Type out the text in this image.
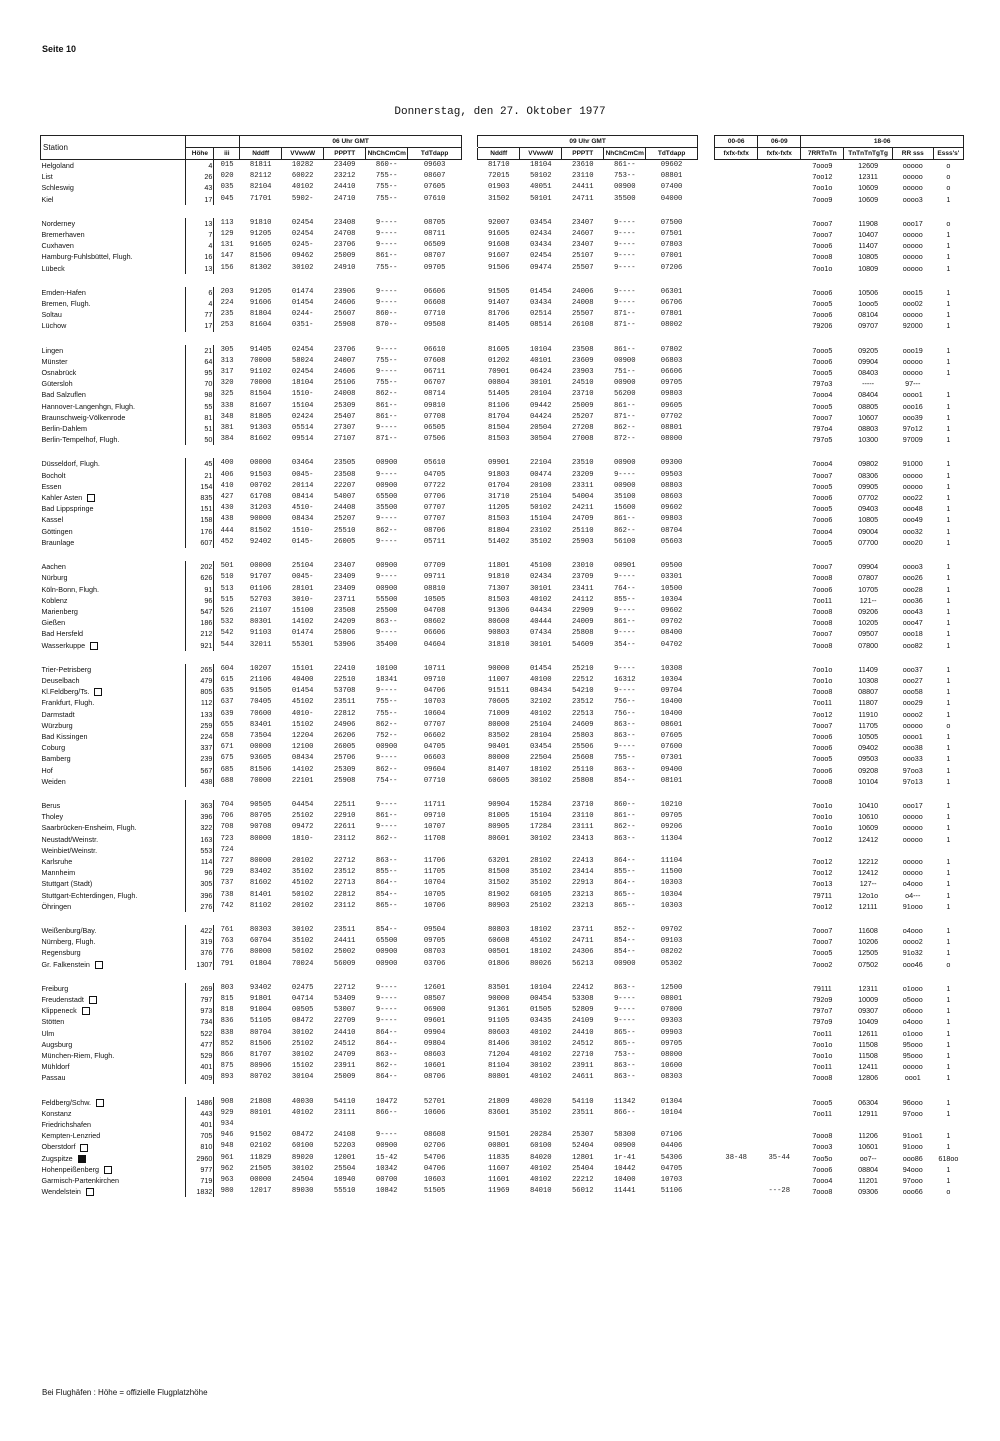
Seite 10
Donnerstag, den 27. Oktober 1977
Station			06 Uhr GMT						09 Uhr GMT						00-06	06-09	18-06			
	Höhe	iii	Nddff	VVwwW	PPPTT	NhChCmCm	TdTdapp		Nddff	VVwwW	PPPTT	NhChCmCm	TdTdapp		fxfx-fxfx	fxfx-fxfx	7RRTnTn	TnTnTnTgTg	RR sss	Esss's'
Helgoland	4	015	81811	10282	23409	860--	09603		81710	18104	23610	861--	09602				7ooo9	12609	ooooo	o
List	26	020	82112	60022	23212	755--	08607		72015	50102	23110	753--	08801				7oo12	12311	ooooo	o
Schleswig	43	035	82104	40102	24410	755--	07605		01903	40051	24411	00900	07400				7oo1o	10609	ooooo	o
Kiel	17	045	71701	5902-	24710	755--	07610		31502	50101	24711	35500	04000				7ooo9	10609	oooo3	1

Norderney	13	113	91810	02454	23408	9----	08705		92007	03454	23407	9----	07500				7ooo7	11908	ooo17	o
Bremerhaven	7	129	91205	02454	24708	9----	08711		91605	02434	24607	9----	07501				7ooo7	10407	ooooo	1
Cuxhaven	4	131	91605	0245-	23706	9----	06509		91608	03434	23407	9----	07803				7ooo6	11407	ooooo	1
Hamburg-Fuhlsbüttel, Flugh.	16	147	81506	09462	25009	861--	08707		91607	02454	25107	9----	07001				7ooo8	10805	ooooo	1
Lübeck	13	156	81302	30102	24910	755--	09705		91506	09474	25507	9----	07206				7oo1o	10809	ooooo	1

Emden-Hafen	6	203	91205	01474	23906	9----	06606		91505	01454	24006	9----	06301				7ooo6	10506	ooo15	1
Bremen, Flugh.	4	224	91606	01454	24606	9----	06608		91407	03434	24008	9----	06706				7ooo5	1ooo5	ooo02	1
Soltau	77	235	81804	0244-	25607	860--	07710		81706	02514	25507	871--	07801				7ooo6	08104	ooooo	1
Lüchow	17	253	81604	0351-	25908	870--	09508		81405	08514	26108	871--	08002				79206	09707	92000	1

Lingen	21	305	91405	02454	23706	9----	06610		81605	10104	23508	861--	07802				7ooo5	09205	ooo19	1
Münster	64	313	70000	58024	24007	755--	07608		01202	40101	23609	00900	06803				7ooo6	09904	ooooo	1
Osnabrück	95	317	91102	02454	24606	9----	06711		70901	06424	23903	751--	06606				7ooo5	08403	ooooo	1
Gütersloh	70	320	70000	18104	25106	755--	06707		00804	30101	24510	00900	09705				797o3	-----	97---	
Bad Salzuflen	98	325	81504	1510-	24008	862--	08714		51405	20104	23710	56200	09803				7ooo4	08404	oooo1	1
Hannover-Langenhgn, Flugh.	55	338	81607	15104	25309	861--	09810		81106	09442	25009	861--	09605				7ooo5	08805	ooo16	1
Braunschweig-Völkenrode	81	348	81805	02424	25407	861--	07708		81704	04424	25207	871--	07702				7ooo7	10607	ooo39	1
Berlin-Dahlem	51	381	91303	05514	27307	9----	06505		81504	20504	27208	862--	08801				797o4	08803	97o12	1
Berlin-Tempelhof, Flugh.	50	384	81602	09514	27107	871--	07506		81503	30504	27008	872--	08000				797o5	10300	97009	1

Düsseldorf, Flugh.	45	400	00000	03464	23505	00900	05610		09901	22104	23510	00900	09300				7ooo4	09802	91000	1
Bocholt	21	406	91503	0045-	23508	9----	04705		91803	00474	23209	9----	09503				7ooo7	08306	ooooo	1
Essen	154	410	00702	20114	22207	00900	07722		01704	20100	23311	00900	08803				7ooo5	09905	ooooo	1
Kahler Asten	835	427	61708	08414	54007	65500	07706		31710	25104	54004	35100	08603				7ooo6	07702	ooo22	1
Bad Lippspringe	151	430	31203	4510-	24408	35500	07707		11205	50102	24211	15600	09602				7ooo5	09403	ooo48	1
Kassel	158	438	90000	08434	25207	9----	07707		81503	15104	24709	861--	09803				7ooo6	10805	ooo49	1
Göttingen	176	444	81502	1510-	25510	862--	08706		81804	23102	25110	862--	08704				7ooo4	09004	ooo32	1
Braunlage	607	452	92402	0145-	26005	9----	05711		51402	35102	25903	56100	05603				7ooo5	07700	ooo20	1

Aachen	202	501	00000	25104	23407	00900	07709		11801	45100	23010	00901	09500				7ooo7	09904	oooo3	1
Nürburg	626	510	91707	0045-	23409	9----	09711		91810	02434	23709	9----	03301				7ooo8	07807	ooo26	1
Köln-Bonn, Flugh.	91	513	01106	28101	23409	00900	08810		71307	30101	23411	764--	10500				7ooo6	10705	ooo28	1
Koblenz	96	515	52703	3010-	23711	55500	10505		81503	40102	24112	855--	10304				7oo11	121--	ooo36	1
Marienberg	547	526	21107	15100	23508	25500	04708		91306	04434	22909	9----	09602				7ooo8	09206	ooo43	1
Gießen	186	532	80301	14102	24209	863--	08602		80600	40444	24009	861--	09702				7ooo8	10205	ooo47	1
Bad Hersfeld	212	542	91103	01474	25806	9----	06606		90803	07434	25808	9----	08400				7ooo7	09507	ooo18	1
Wasserkuppe	921	544	32011	55301	53906	35400	04604		31810	30101	54609	354--	04702				7ooo8	07800	ooo82	1

Trier-Petrisberg	265	604	10207	15101	22410	10100	10711		90000	01454	25210	9----	10308				7oo1o	11409	ooo37	1
Deuselbach	479	615	21106	40400	22510	18341	09710		11007	40100	22512	16312	10304				7oo1o	10308	ooo27	1
Kl.Feldberg/Ts.	805	635	91505	01454	53708	9----	04706		91511	08434	54210	9----	09704				7ooo8	08807	ooo58	1
Frankfurt, Flugh.	112	637	70405	45102	23511	755--	10703		70605	32102	23512	756--	10400				7oo11	11807	ooo29	1
Darmstadt	133	639	70600	4010-	22812	755--	10604		71009	40102	22513	756--	10400				7oo12	11910	oooo2	1
Würzburg	259	655	83401	15102	24906	862--	07707		80000	25104	24609	863--	08601				7ooo7	11705	ooooo	o
Bad Kissingen	224	658	73504	12204	26206	752--	06602		83502	28104	25803	863--	07605				7ooo6	10505	oooo1	1
Coburg	337	671	00000	12100	26005	00900	04705		90401	03454	25506	9----	07600				7ooo6	09402	ooo38	1
Bamberg	239	675	93605	08434	25706	9----	06603		80000	22504	25608	755--	07301				7ooo5	09503	ooo33	1
Hof	567	685	81506	14102	25309	862--	09604		81407	18102	25110	863--	09400				7ooo6	09208	97oo3	1
Weiden	438	688	70000	22101	25908	754--	07710		60605	30102	25808	854--	08101				7ooo8	10104	97o13	1

Berus	363	704	90505	04454	22511	9----	11711		90904	15284	23710	860--	10210				7oo1o	10410	ooo17	1
Tholey	396	706	80705	25102	22910	861--	09710		81005	15104	23110	861--	09705				7oo1o	10610	ooooo	1
Saarbrücken-Ensheim, Flugh.	322	708	90708	09472	22611	9----	10707		80905	17284	23111	862--	09206				7oo1o	10609	ooooo	1
Neustadt/Weinstr.	163	723	80000	1810-	23112	862--	11708		80601	30102	23413	863--	11304				7oo12	12412	ooooo	1
Weinbiet/Weinstr.	553	724																		
Karlsruhe	114	727	80000	20102	22712	863--	11706		63201	28102	22413	864--	11104				7oo12	12212	ooooo	1
Mannheim	96	729	83402	35102	23512	855--	11705		81500	35102	23414	855--	11500				7oo12	12412	ooooo	1
Stuttgart (Stadt)	305	737	81602	45102	22713	864--	10704		31502	35102	22913	864--	10303				7oo13	127--	o4ooo	1
Stuttgart-Echterdingen, Flugh.	396	738	81401	50102	22812	854--	10705		81902	60105	23213	865--	10304				79711	12o1o	o4---	1
Öhringen	276	742	81102	20102	23112	865--	10706		80903	25102	23213	865--	10303				7oo12	12111	91ooo	1

Weißenburg/Bay.	422	761	80303	30102	23511	854--	09504		80803	18102	23711	852--	09702				7ooo7	11608	o4ooo	1
Nürnberg, Flugh.	319	763	60704	35102	24411	65500	09705		60608	45102	24711	854--	09103				7ooo7	10206	oooo2	1
Regensburg	376	776	80000	50102	25002	00900	08703		00501	18102	24306	854--	08202				7ooo5	12505	91o32	1
Gr. Falkenstein	1307	791	01804	70024	56009	00900	03706		01806	80026	56213	00900	05302				7ooo2	07502	ooo46	o

Freiburg	269	803	93402	02475	22712	9----	12601		83501	10104	22412	863--	12500				79111	12311	o1ooo	1
Freudenstadt	797	815	91801	04714	53409	9----	08507		90000	00454	53308	9----	08001				792o9	10009	o5ooo	1
Klippeneck	973	818	91004	00505	53007	9----	06900		91361	01505	52809	9----	07000				797o7	09307	o6ooo	1
Stötten	734	836	51105	08472	22709	9----	09601		91105	03435	24109	9----	09303				797o9	10409	o4ooo	1
Ulm	522	838	80704	30102	24410	864--	09904		80603	40102	24410	865--	09903				7oo11	12611	o1ooo	1
Augsburg	477	852	81506	25102	24512	864--	09804		81406	30102	24512	865--	09705				7oo1o	11508	95ooo	1
München-Riem, Flugh.	529	866	81707	30102	24709	863--	08603		71204	40102	22710	753--	08000				7oo1o	11508	95ooo	1
Mühldorf	401	875	80906	15102	23911	862--	10601		81104	30102	23911	863--	10600				7oo11	12411	ooooo	1
Passau	409	893	80702	30104	25009	864--	08706		80801	40102	24611	863--	08303				7ooo8	12806	ooo1	1

Feldberg/Schw.	1486	908	21808	40030	54110	10472	52701		21809	40020	54110	11342	01304				7ooo5	06304	96ooo	1
Konstanz	443	929	80101	40102	23111	866--	10606		83601	35102	23511	866--	10104				7oo11	12911	97ooo	1
Friedrichshafen	401	934																		
Kempten-Lenzried	705	946	91502	08472	24108	9----	08608		91501	20284	25307	58300	07106				7ooo8	11206	91oo1	1
Oberstdorf	810	948	02102	60100	52203	00900	02706		00801	60100	52404	00900	04406				7ooo3	10601	91ooo	1
Zugspitze	2960	961	11829	89020	12001	15-42	54706		11835	84020	12801	1r-41	54306		38-48	35-44	7oo5o	oo7--	ooo86	618oo
Hohenpeißenberg	977	962	21505	30102	25504	10342	04706		11607	40102	25404	10442	04705				7ooo6	08804	94ooo	1
Garmisch-Partenkirchen	719	963	00000	24504	10940	00700	10603		11601	40102	22212	10400	10703				7ooo4	11201	97ooo	1
Wendelstein	1832	980	12017	89030	55510	10842	51505		11969	84010	56012	11441	51106			---28	7ooo8	09306	ooo66	o
Bei Flughäfen : Höhe = offizielle Flugplatzhöhe
